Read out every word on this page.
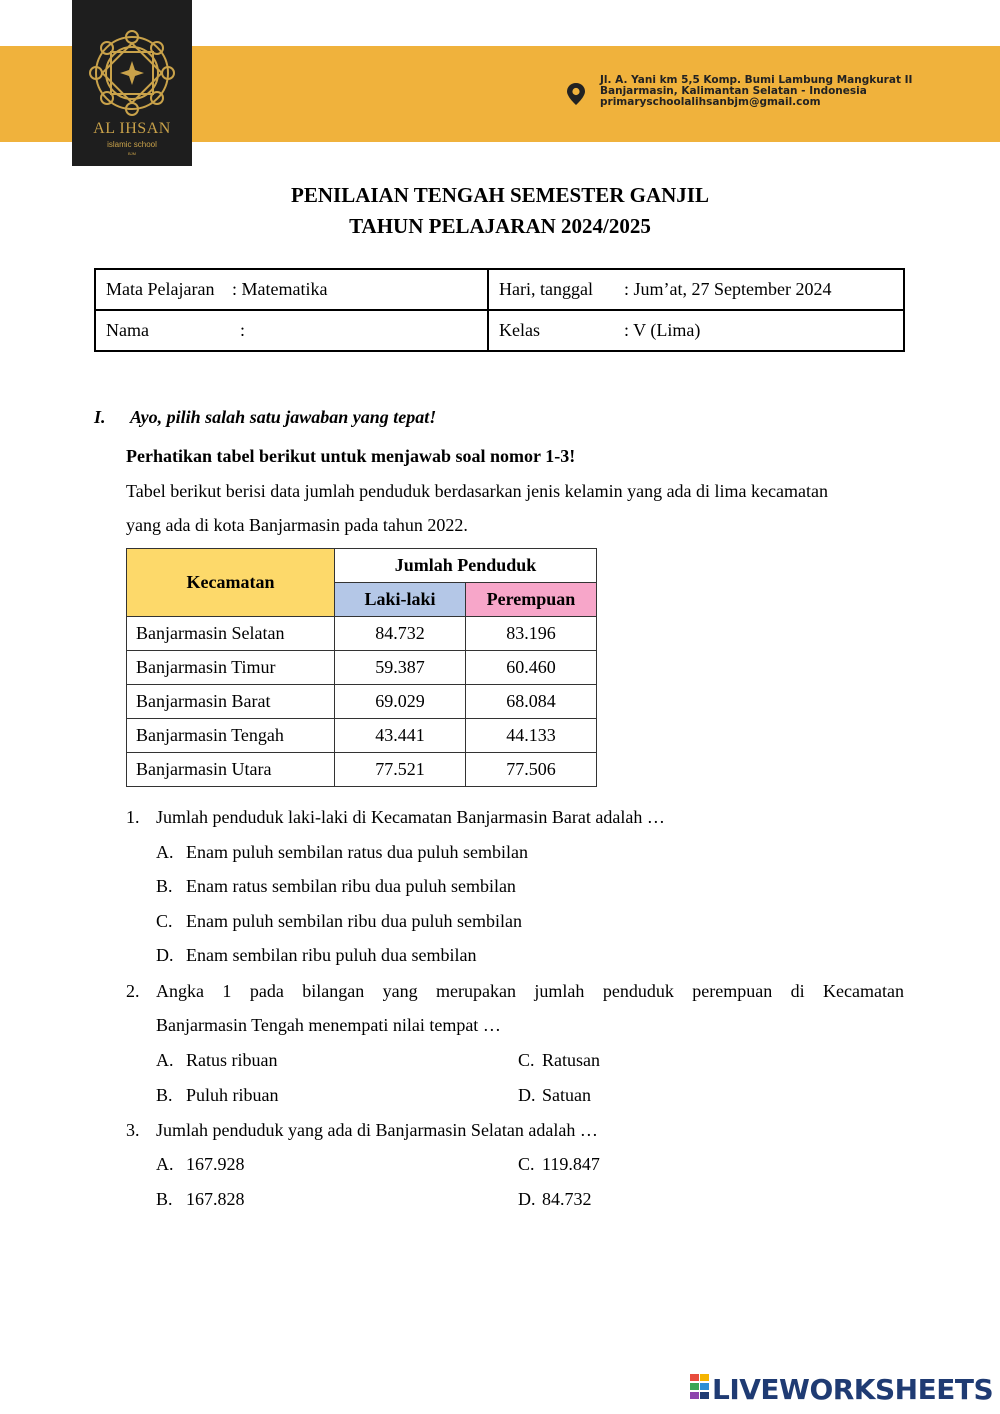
AL IHSAN
islamic school
BJM
Jl. A. Yani km 5,5 Komp. Bumi Lambung Mangkurat II
Banjarmasin, Kalimantan Selatan - Indonesia
primaryschoolalihsanbjm@gmail.com
PENILAIAN TENGAH SEMESTER GANJIL
TAHUN PELAJARAN 2024/2025
Mata Pelajaran : Matematika	Hari, tanggal : Jum’at, 27 September 2024
Nama :	Kelas : V (Lima)
I. Ayo, pilih salah satu jawaban yang tepat!
Perhatikan tabel berikut untuk menjawab soal nomor 1-3!
Tabel berikut berisi data jumlah penduduk berdasarkan jenis kelamin yang ada di lima kecamatan
yang ada di kota Banjarmasin pada tahun 2022.
Kecamatan	Jumlah Penduduk	
	Laki-laki	Perempuan
Banjarmasin Selatan	84.732	83.196
Banjarmasin Timur	59.387	60.460
Banjarmasin Barat	69.029	68.084
Banjarmasin Tengah	43.441	44.133
Banjarmasin Utara	77.521	77.506
1. Jumlah penduduk laki-laki di Kecamatan Banjarmasin Barat adalah …
A. Enam puluh sembilan ratus dua puluh sembilan
B. Enam ratus sembilan ribu dua puluh sembilan
C. Enam puluh sembilan ribu dua puluh sembilan
D. Enam sembilan ribu puluh dua sembilan
2. Angka 1 pada bilangan yang merupakan jumlah penduduk perempuan di Kecamatan
Banjarmasin Tengah menempati nilai tempat …
A. Ratus ribuan
B. Puluh ribuan
C. Ratusan
D. Satuan
3. Jumlah penduduk yang ada di Banjarmasin Selatan adalah …
A. 167.928
B. 167.828
C. 119.847
D. 84.732
LIVEWORKSHEETS
